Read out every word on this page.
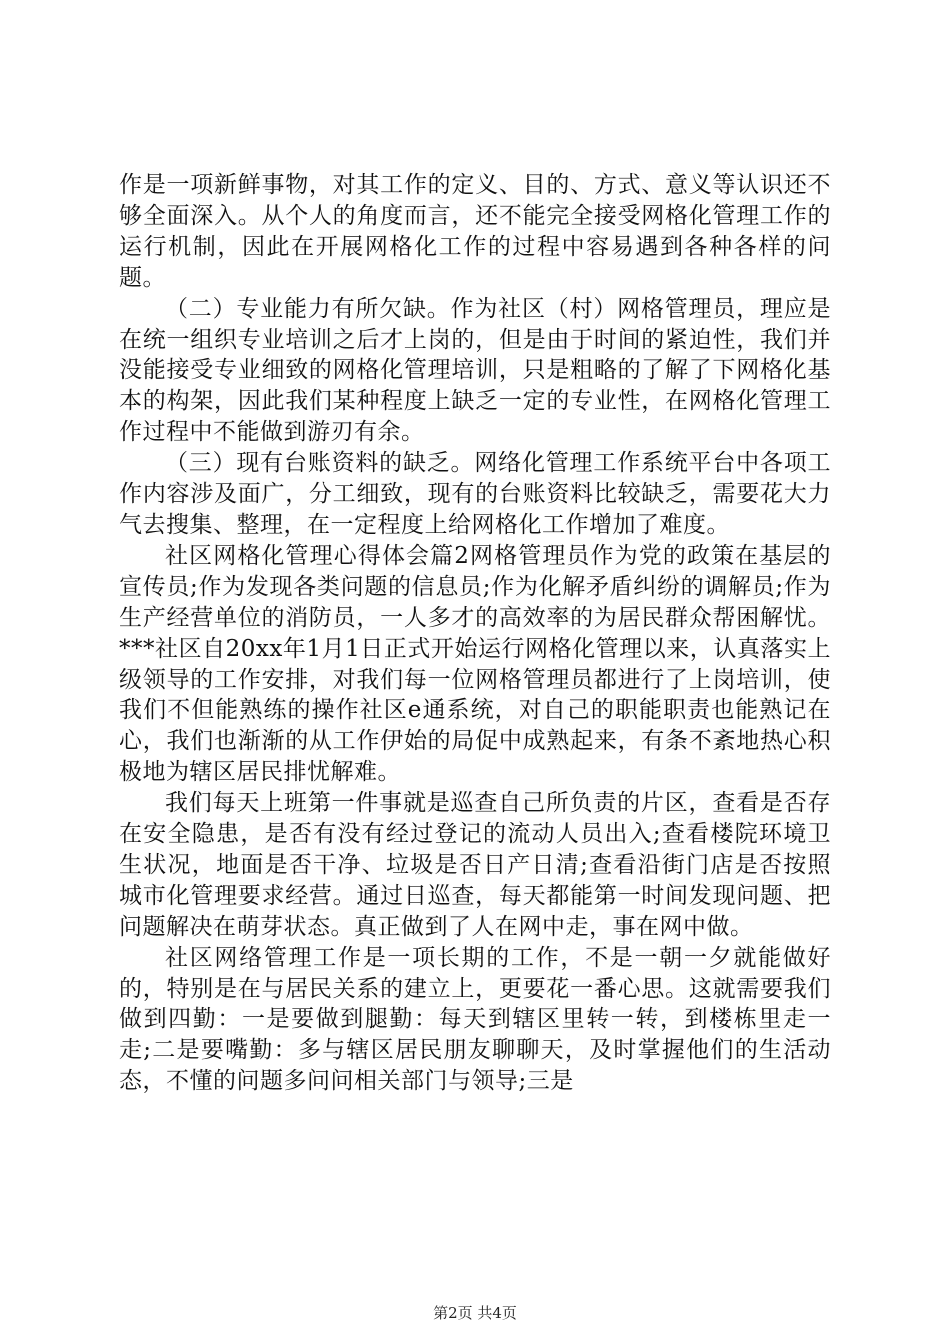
作是一项新鲜事物，对其工作的定义、目的、方式、意义等认识还不够全面深入。从个人的角度而言，还不能完全接受网格化管理工作的运行机制，因此在开展网格化工作的过程中容易遇到各种各样的问题。

（二）专业能力有所欠缺。作为社区（村）网格管理员，理应是在统一组织专业培训之后才上岗的，但是由于时间的紧迫性，我们并没能接受专业细致的网格化管理培训，只是粗略的了解了下网格化基本的构架，因此我们某种程度上缺乏一定的专业性，在网格化管理工作过程中不能做到游刃有余。

（三）现有台账资料的缺乏。网络化管理工作系统平台中各项工作内容涉及面广，分工细致，现有的台账资料比较缺乏，需要花大力气去搜集、整理，在一定程度上给网格化工作增加了难度。

社区网格化管理心得体会篇2网格管理员作为党的政策在基层的宣传员;作为发现各类问题的信息员;作为化解矛盾纠纷的调解员;作为生产经营单位的消防员，一人多才的高效率的为居民群众帮困解忧。***社区自20xx年1月1日正式开始运行网格化管理以来，认真落实上级领导的工作安排，对我们每一位网格管理员都进行了上岗培训，使我们不但能熟练的操作社区e通系统，对自己的职能职责也能熟记在心，我们也渐渐的从工作伊始的局促中成熟起来，有条不紊地热心积极地为辖区居民排忧解难。

我们每天上班第一件事就是巡查自己所负责的片区，查看是否存在安全隐患，是否有没有经过登记的流动人员出入;查看楼院环境卫生状况，地面是否干净、垃圾是否日产日清;查看沿街门店是否按照城市化管理要求经营。通过日巡查，每天都能第一时间发现问题、把问题解决在萌芽状态。真正做到了人在网中走，事在网中做。

社区网络管理工作是一项长期的工作，不是一朝一夕就能做好的，特别是在与居民关系的建立上，更要花一番心思。这就需要我们做到四勤：一是要做到腿勤：每天到辖区里转一转，到楼栋里走一走;二是要嘴勤：多与辖区居民朋友聊聊天，及时掌握他们的生活动态，不懂的问题多问问相关部门与领导;三是

第2页 共4页
